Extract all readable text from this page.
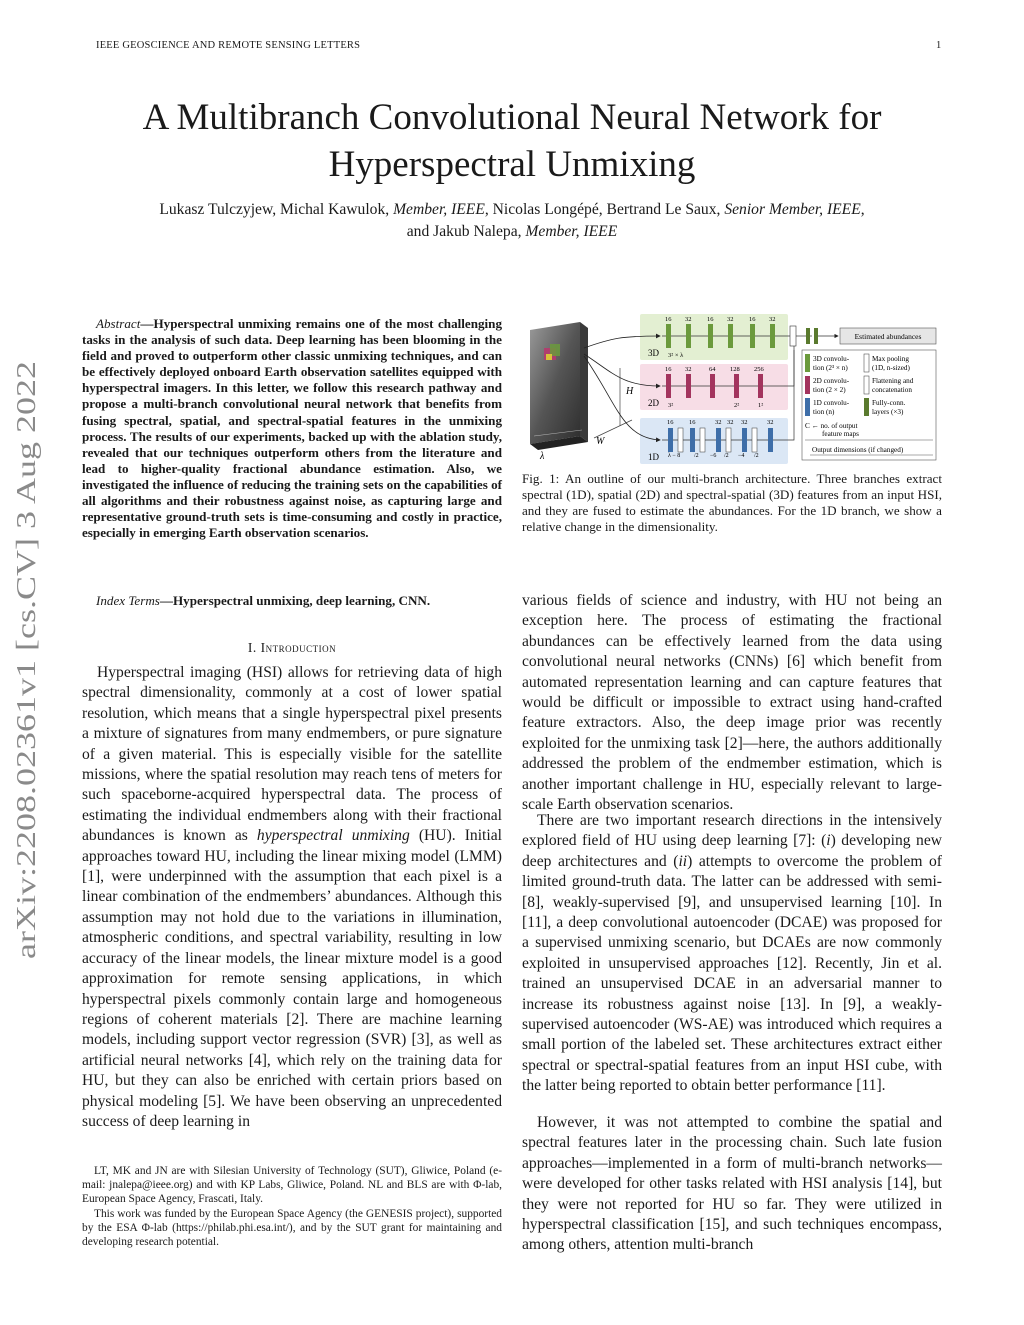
IEEE GEOSCIENCE AND REMOTE SENSING LETTERS	1
A Multibranch Convolutional Neural Network for Hyperspectral Unmixing
Lukasz Tulczyjew, Michal Kawulok, Member, IEEE, Nicolas Longépé, Bertrand Le Saux, Senior Member, IEEE,
and Jakub Nalepa, Member, IEEE
arXiv:2208.02361v1 [cs.CV] 3 Aug 2022
Abstract—Hyperspectral unmixing remains one of the most challenging tasks in the analysis of such data. Deep learning has been blooming in the field and proved to outperform other classic unmixing techniques, and can be effectively deployed onboard Earth observation satellites equipped with hyperspectral imagers. In this letter, we follow this research pathway and propose a multi-branch convolutional neural network that benefits from fusing spectral, spatial, and spectral-spatial features in the unmixing process. The results of our experiments, backed up with the ablation study, revealed that our techniques outperform others from the literature and lead to higher-quality fractional abundance estimation. Also, we investigated the influence of reducing the training sets on the capabilities of all algorithms and their robustness against noise, as capturing large and representative ground-truth sets is time-consuming and costly in practice, especially in emerging Earth observation scenarios.
Index Terms—Hyperspectral unmixing, deep learning, CNN.
I. Introduction

Hyperspectral imaging (HSI) allows for retrieving data of high spectral dimensionality, commonly at a cost of lower spatial resolution, which means that a single hyperspectral pixel presents a mixture of signatures from many endmembers, or pure signature of a given material. This is especially visible for the satellite missions, where the spatial resolution may reach tens of meters for such spaceborne-acquired hyperspectral data. The process of estimating the individual endmembers along with their fractional abundances is known as hyperspectral unmixing (HU). Initial approaches toward HU, including the linear mixing model (LMM) [1], were underpinned with the assumption that each pixel is a linear combination of the endmembers’ abundances. Although this assumption may not hold due to the variations in illumination, atmospheric conditions, and spectral variability, resulting in low accuracy of the linear models, the linear mixture model is a good approximation for remote sensing applications, in which hyperspectral pixels commonly contain large and homogeneous regions of coherent materials [2]. There are machine learning models, including support vector regression (SVR) [3], as well as artificial neural networks [4], which rely on the training data for HU, but they can also be enriched with certain priors based on physical modeling [5]. We have been observing an unprecedented success of deep learning in

LT, MK and JN are with Silesian University of Technology (SUT), Gliwice, Poland (e-mail: jnalepa@ieee.org) and with KP Labs, Gliwice, Poland. NL and BLS are with Φ-lab, European Space Agency, Frascati, Italy.
This work was funded by the European Space Agency (the GENESIS project), supported by the ESA Φ-lab (https://philab.phi.esa.int/), and by the SUT grant for maintaining and developing research potential.
H
W
λ
3D
2D
1D
16 32 16 32 16 32
3² × λ
16 32	64 128 256
3²	2²	1²
16 16	32 32 32	32
λ − 8 /2 −6 /2 −4 /2
Estimated abundances
3D convolu-
tion (2³ × n)
2D convolu-
tion (2 × 2)
1D convolu-
tion (n)
Max pooling
(1D, n-sized)
Flattening and
concatenation
Fully-conn.
layers (×3)
C ← no. of output
feature maps
Output dimensions (if changed)
Fig. 1: An outline of our multi-branch architecture. Three branches extract spectral (1D), spatial (2D) and spectral-spatial (3D) features from an input HSI, and they are fused to estimate the abundances. For the 1D branch, we show a relative change in the dimensionality.

various fields of science and industry, with HU not being an exception here. The process of estimating the fractional abundances can be effectively learned from the data using convolutional neural networks (CNNs) [6] which benefit from automated representation learning and can capture features that would be difficult or impossible to extract using hand-crafted feature extractors. Also, the deep image prior was recently exploited for the unmixing task [2]—here, the authors additionally addressed the problem of the endmember estimation, which is another important challenge in HU, especially relevant to large-scale Earth observation scenarios.

There are two important research directions in the intensively explored field of HU using deep learning [7]: (i) developing new deep architectures and (ii) attempts to overcome the problem of limited ground-truth data. The latter can be addressed with semi- [8], weakly-supervised [9], and unsupervised learning [10]. In [11], a deep convolutional autoencoder (DCAE) was proposed for a supervised unmixing scenario, but DCAEs are now commonly exploited in unsupervised approaches [12]. Recently, Jin et al. trained an unsupervised DCAE in an adversarial manner to increase its robustness against noise [13]. In [9], a weakly-supervised autoencoder (WS-AE) was introduced which requires a small portion of the labeled set. These architectures extract either spectral or spectral-spatial features from an input HSI cube, with the latter being reported to obtain better performance [11].

However, it was not attempted to combine the spatial and spectral features later in the processing chain. Such late fusion approaches—implemented in a form of multi-branch networks—were developed for other tasks related with HSI analysis [14], but they were not reported for HU so far. They were utilized in hyperspectral classification [15], and such techniques encompass, among others, attention multi-branch
